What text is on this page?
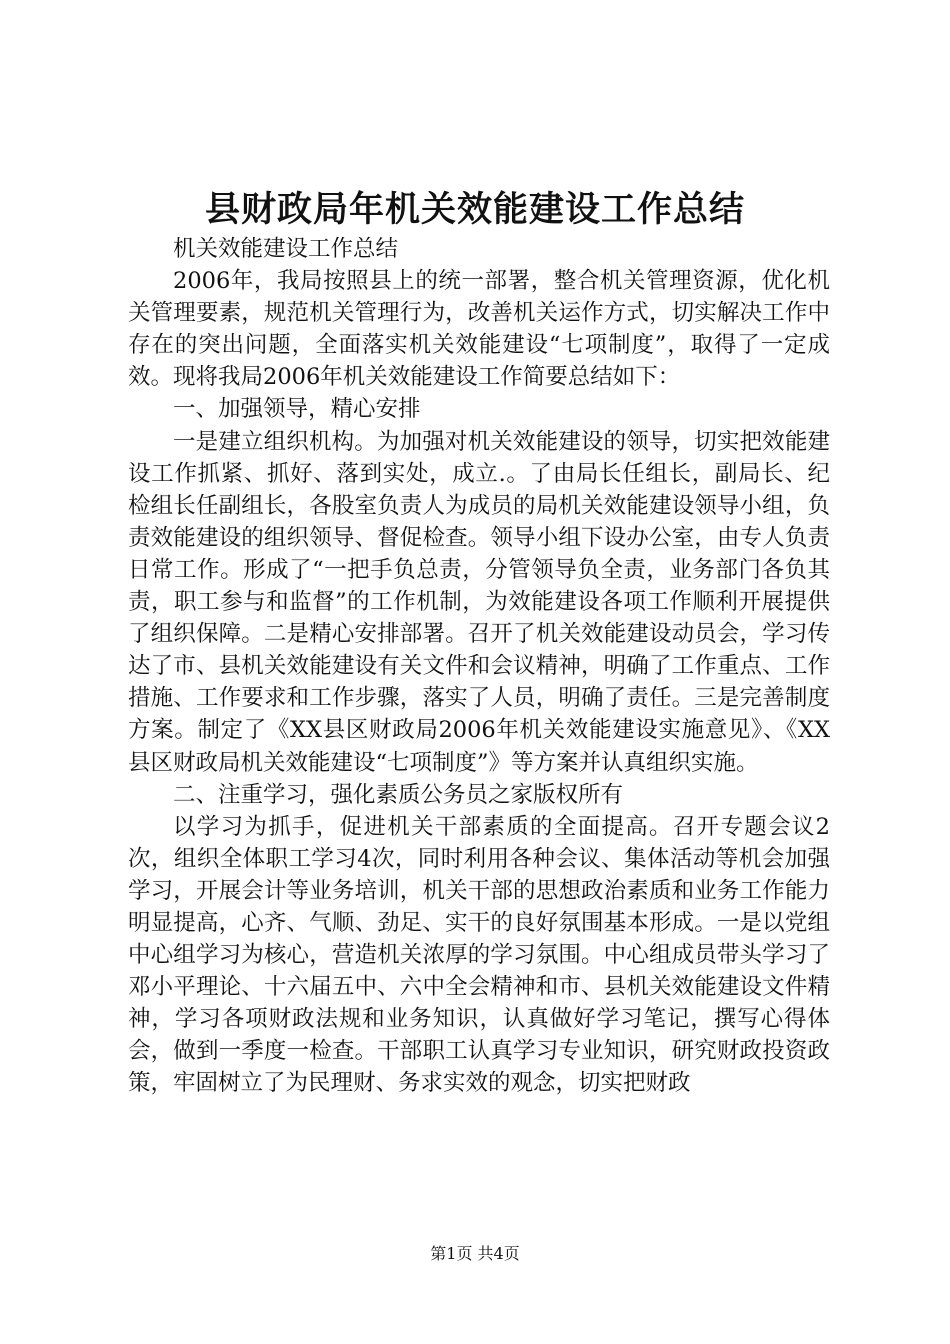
县财政局年机关效能建设工作总结

机关效能建设工作总结

2006年，我局按照县上的统一部署，整合机关管理资源，优化机关管理要素，规范机关管理行为，改善机关运作方式，切实解决工作中存在的突出问题，全面落实机关效能建设“七项制度”，取得了一定成效。现将我局2006年机关效能建设工作简要总结如下：

一、加强领导，精心安排

一是建立组织机构。为加强对机关效能建设的领导，切实把效能建设工作抓紧、抓好、落到实处，成立.。了由局长任组长，副局长、纪检组长任副组长，各股室负责人为成员的局机关效能建设领导小组，负责效能建设的组织领导、督促检查。领导小组下设办公室，由专人负责日常工作。形成了“一把手负总责，分管领导负全责，业务部门各负其责，职工参与和监督”的工作机制，为效能建设各项工作顺利开展提供了组织保障。二是精心安排部署。召开了机关效能建设动员会，学习传达了市、县机关效能建设有关文件和会议精神，明确了工作重点、工作措施、工作要求和工作步骤，落实了人员，明确了责任。三是完善制度方案。制定了《XX县区财政局2006年机关效能建设实施意见》、《XX县区财政局机关效能建设“七项制度”》等方案并认真组织实施。

二、注重学习，强化素质公务员之家版权所有

以学习为抓手，促进机关干部素质的全面提高。召开专题会议2次，组织全体职工学习4次，同时利用各种会议、集体活动等机会加强学习，开展会计等业务培训，机关干部的思想政治素质和业务工作能力明显提高，心齐、气顺、劲足、实干的良好氛围基本形成。一是以党组中心组学习为核心，营造机关浓厚的学习氛围。中心组成员带头学习了邓小平理论、十六届五中、六中全会精神和市、县机关效能建设文件精神，学习各项财政法规和业务知识，认真做好学习笔记，撰写心得体会，做到一季度一检查。干部职工认真学习专业知识，研究财政投资政策，牢固树立了为民理财、务求实效的观念，切实把财政

第1页 共4页
